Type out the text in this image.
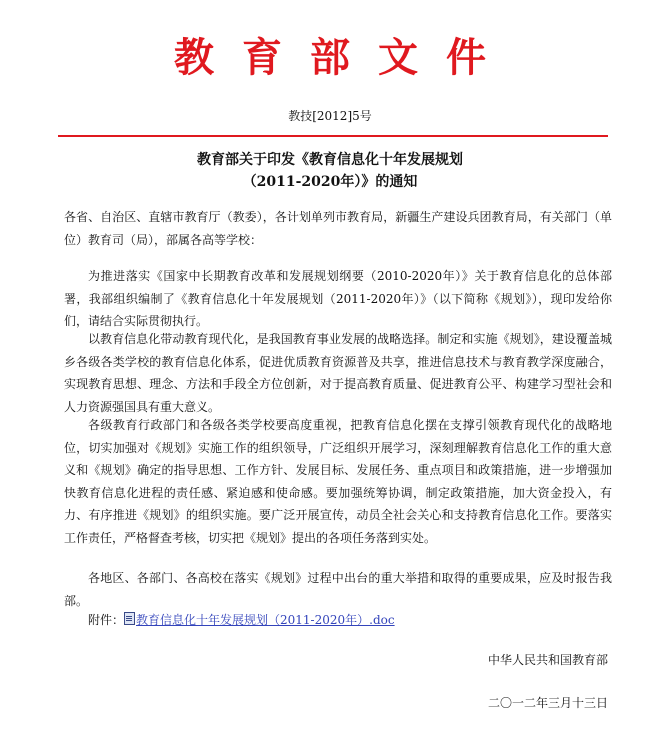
教育部文件
教技[2012]5号
教育部关于印发《教育信息化十年发展规划
（2011-2020年）》的通知

各省、自治区、直辖市教育厅（教委），各计划单列市教育局，新疆生产建设兵团教育局，有关部门（单位）教育司（局），部属各高等学校：

为推进落实《国家中长期教育改革和发展规划纲要（2010-2020年）》关于教育信息化的总体部署，我部组织编制了《教育信息化十年发展规划（2011-2020年）》（以下简称《规划》），现印发给你们，请结合实际贯彻执行。

以教育信息化带动教育现代化，是我国教育事业发展的战略选择。制定和实施《规划》，建设覆盖城乡各级各类学校的教育信息化体系，促进优质教育资源普及共享，推进信息技术与教育教学深度融合，实现教育思想、理念、方法和手段全方位创新，对于提高教育质量、促进教育公平、构建学习型社会和人力资源强国具有重大意义。

各级教育行政部门和各级各类学校要高度重视，把教育信息化摆在支撑引领教育现代化的战略地位，切实加强对《规划》实施工作的组织领导，广泛组织开展学习，深刻理解教育信息化工作的重大意义和《规划》确定的指导思想、工作方针、发展目标、发展任务、重点项目和政策措施，进一步增强加快教育信息化进程的责任感、紧迫感和使命感。要加强统筹协调，制定政策措施，加大资金投入，有力、有序推进《规划》的组织实施。要广泛开展宣传，动员全社会关心和支持教育信息化工作。要落实工作责任，严格督查考核，切实把《规划》提出的各项任务落到实处。

各地区、各部门、各高校在落实《规划》过程中出台的重大举措和取得的重要成果，应及时报告我部。

附件： 教育信息化十年发展规划（2011-2020年）.doc
中华人民共和国教育部
二〇一二年三月十三日
